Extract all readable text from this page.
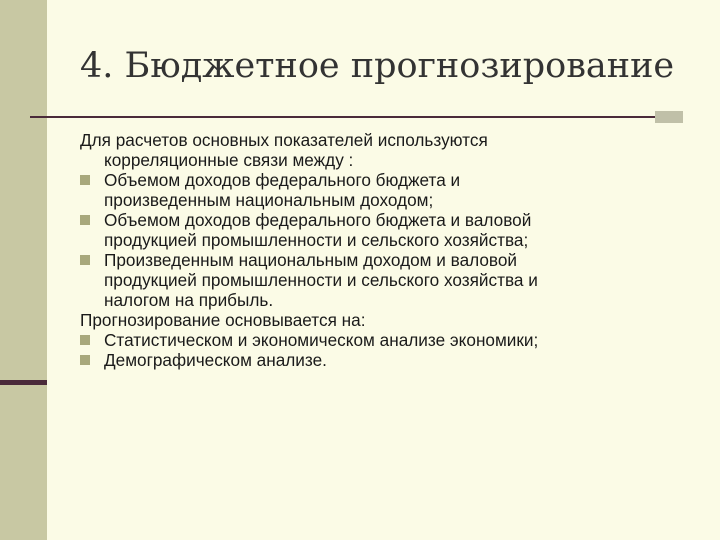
4. Бюджетное прогнозирование
Для расчетов основных показателей используются
корреляционные связи между :
Объемом доходов федерального бюджета и
произведенным национальным доходом;
Объемом доходов федерального бюджета и валовой
продукцией промышленности и сельского хозяйства;
Произведенным национальным доходом и валовой
продукцией промышленности и сельского хозяйства и
налогом на прибыль.
Прогнозирование основывается на:
Статистическом и экономическом анализе экономики;
Демографическом анализе.
